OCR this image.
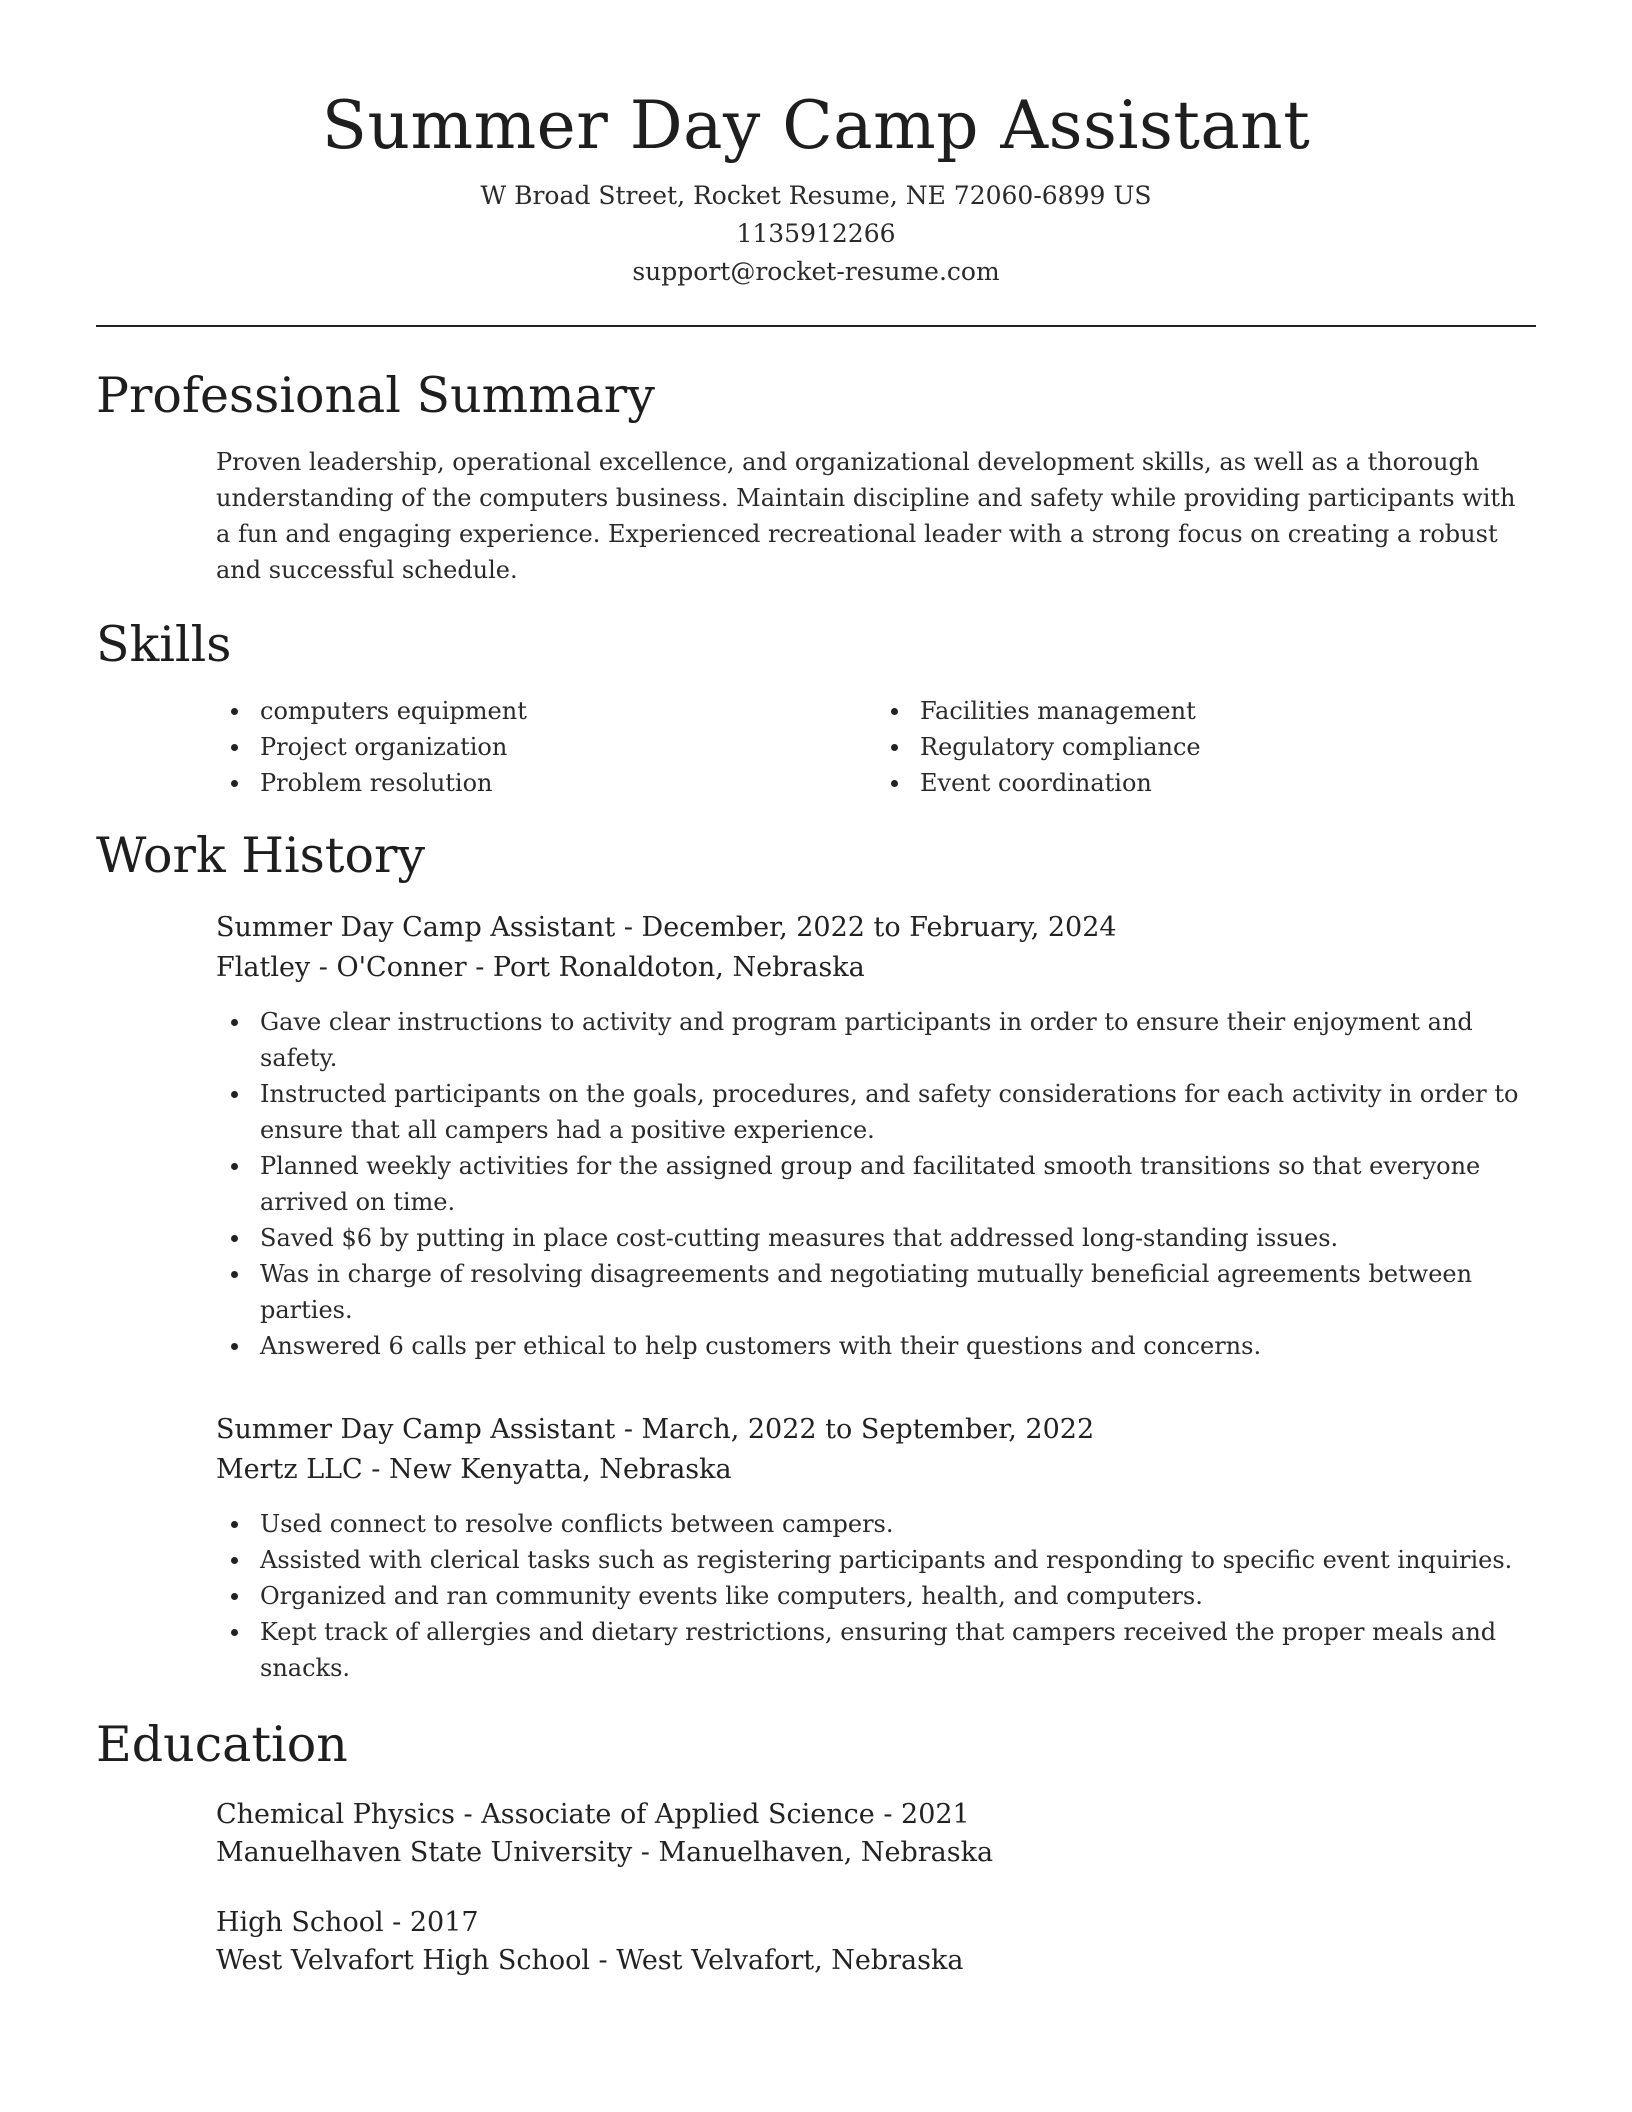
Summer Day Camp Assistant
W Broad Street, Rocket Resume, NE 72060-6899 US
1135912266
support@rocket-resume.com
Professional Summary
Proven leadership, operational excellence, and organizational development skills, as well as a thorough understanding of the computers business. Maintain discipline and safety while providing participants with a fun and engaging experience. Experienced recreational leader with a strong focus on creating a robust and successful schedule.
Skills
computers equipment
Project organization
Problem resolution
Facilities management
Regulatory compliance
Event coordination
Work History
Summer Day Camp Assistant - December, 2022 to February, 2024
Flatley - O'Conner - Port Ronaldoton, Nebraska
Gave clear instructions to activity and program participants in order to ensure their enjoyment and safety.
Instructed participants on the goals, procedures, and safety considerations for each activity in order to ensure that all campers had a positive experience.
Planned weekly activities for the assigned group and facilitated smooth transitions so that everyone arrived on time.
Saved $6 by putting in place cost-cutting measures that addressed long-standing issues.
Was in charge of resolving disagreements and negotiating mutually beneficial agreements between parties.
Answered 6 calls per ethical to help customers with their questions and concerns.
Summer Day Camp Assistant - March, 2022 to September, 2022
Mertz LLC - New Kenyatta, Nebraska
Used connect to resolve conflicts between campers.
Assisted with clerical tasks such as registering participants and responding to specific event inquiries.
Organized and ran community events like computers, health, and computers.
Kept track of allergies and dietary restrictions, ensuring that campers received the proper meals and snacks.
Education
Chemical Physics - Associate of Applied Science - 2021
Manuelhaven State University - Manuelhaven, Nebraska
High School - 2017
West Velvafort High School - West Velvafort, Nebraska
